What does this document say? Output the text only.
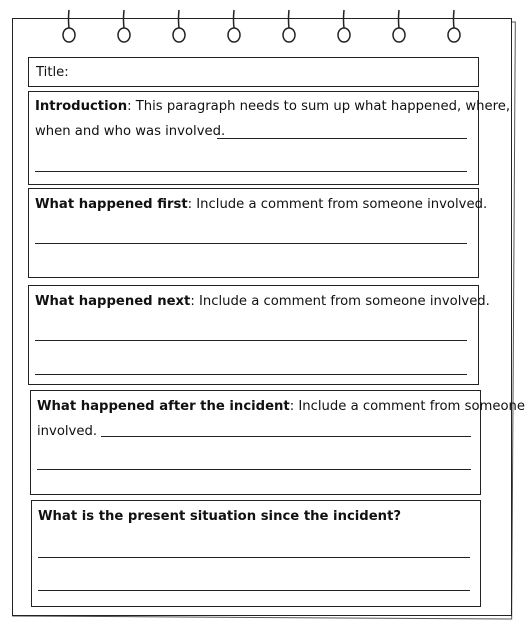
Title:
Introduction: This paragraph needs to sum up what happened, where,
when and who was involved.
What happened first: Include a comment from someone involved.
What happened next: Include a comment from someone involved.
What happened after the incident: Include a comment from someone
involved.
What is the present situation since the incident?
